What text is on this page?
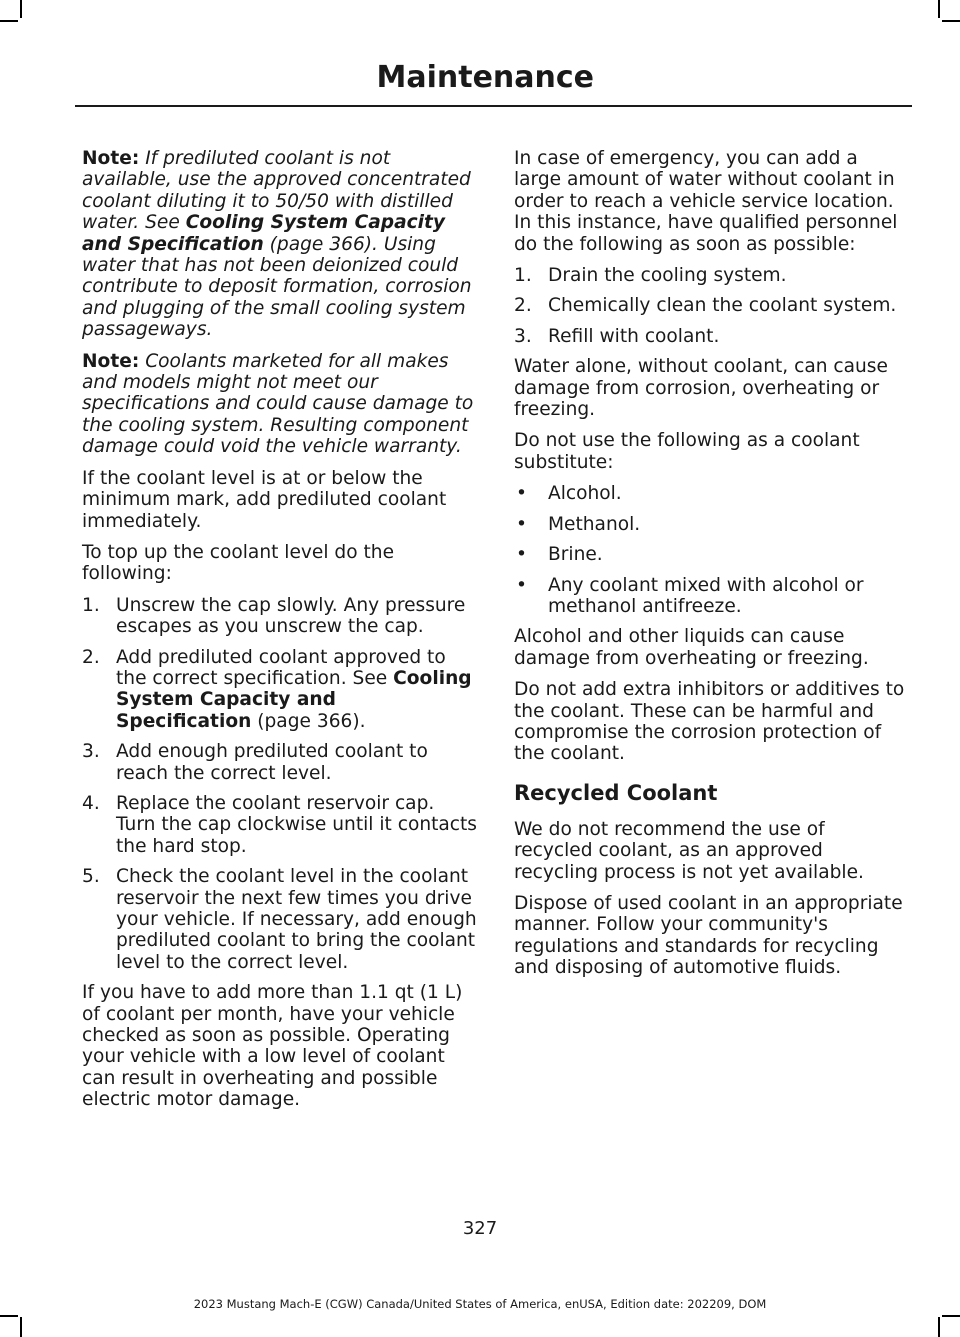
Maintenance

Note: If prediluted coolant is not available, use the approved concentrated coolant diluting it to 50/50 with distilled water. See Cooling System Capacity and Specification (page 366). Using water that has not been deionized could contribute to deposit formation, corrosion and plugging of the small cooling system passageways.

Note: Coolants marketed for all makes and models might not meet our specifications and could cause damage to the cooling system. Resulting component damage could void the vehicle warranty.

If the coolant level is at or below the minimum mark, add prediluted coolant immediately.

To top up the coolant level do the following:

1. Unscrew the cap slowly. Any pressure escapes as you unscrew the cap.
2. Add prediluted coolant approved to the correct specification. See Cooling System Capacity and Specification (page 366).
3. Add enough prediluted coolant to reach the correct level.
4. Replace the coolant reservoir cap. Turn the cap clockwise until it contacts the hard stop.
5. Check the coolant level in the coolant reservoir the next few times you drive your vehicle. If necessary, add enough prediluted coolant to bring the coolant level to the correct level.

If you have to add more than 1.1 qt (1 L) of coolant per month, have your vehicle checked as soon as possible. Operating your vehicle with a low level of coolant can result in overheating and possible electric motor damage.

In case of emergency, you can add a large amount of water without coolant in order to reach a vehicle service location. In this instance, have qualified personnel do the following as soon as possible:

1. Drain the cooling system.
2. Chemically clean the coolant system.
3. Refill with coolant.

Water alone, without coolant, can cause damage from corrosion, overheating or freezing.

Do not use the following as a coolant substitute:

• Alcohol.
• Methanol.
• Brine.
• Any coolant mixed with alcohol or methanol antifreeze.

Alcohol and other liquids can cause damage from overheating or freezing.

Do not add extra inhibitors or additives to the coolant. These can be harmful and compromise the corrosion protection of the coolant.

Recycled Coolant

We do not recommend the use of recycled coolant, as an approved recycling process is not yet available.

Dispose of used coolant in an appropriate manner. Follow your community's regulations and standards for recycling and disposing of automotive fluids.

327
2023 Mustang Mach-E (CGW) Canada/United States of America, enUSA, Edition date: 202209, DOM
